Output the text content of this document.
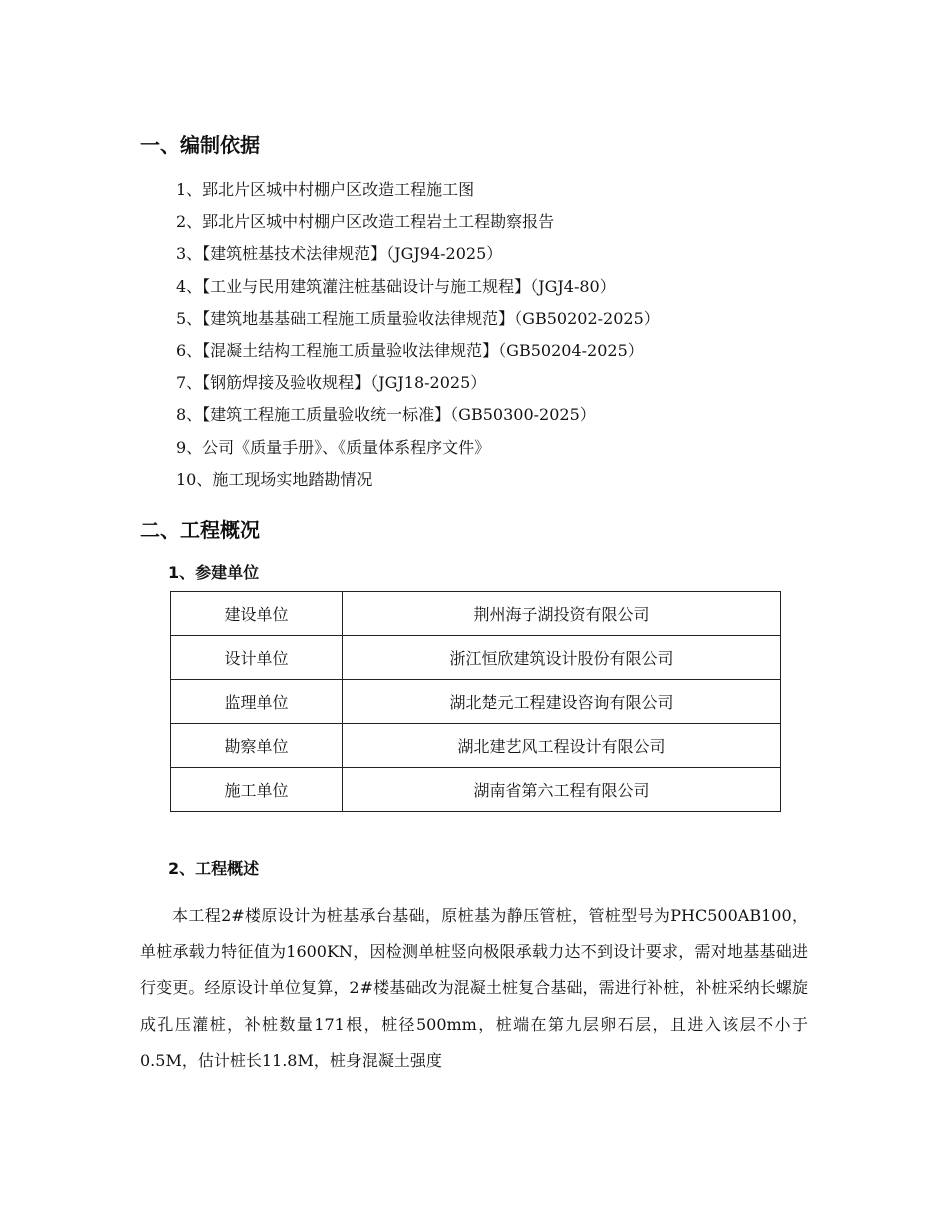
一、编制依据
1、郢北片区城中村棚户区改造工程施工图
2、郢北片区城中村棚户区改造工程岩土工程勘察报告
3、【建筑桩基技术法律规范】（JGJ94-2025）
4、【工业与民用建筑灌注桩基础设计与施工规程】（JGJ4-80）
5、【建筑地基基础工程施工质量验收法律规范】（GB50202-2025）
6、【混凝土结构工程施工质量验收法律规范】（GB50204-2025）
7、【钢筋焊接及验收规程】（JGJ18-2025）
8、【建筑工程施工质量验收统一标准】（GB50300-2025）
9、公司《质量手册》、《质量体系程序文件》
10、施工现场实地踏勘情况
二、工程概况
1、参建单位
建设单位	荆州海子湖投资有限公司
设计单位	浙江恒欣建筑设计股份有限公司
监理单位	湖北楚元工程建设咨询有限公司
勘察单位	湖北建艺风工程设计有限公司
施工单位	湖南省第六工程有限公司
2、工程概述

本工程2#楼原设计为桩基承台基础，原桩基为静压管桩，管桩型号为PHC500AB100，单桩承载力特征值为1600KN，因检测单桩竖向极限承载力达不到设计要求，需对地基基础进行变更。经原设计单位复算，2#楼基础改为混凝土桩复合基础，需进行补桩，补桩采纳长螺旋成孔压灌桩，补桩数量171根，桩径500mm，桩端在第九层卵石层，且进入该层不小于0.5M，估计桩长11.8M，桩身混凝土强度
